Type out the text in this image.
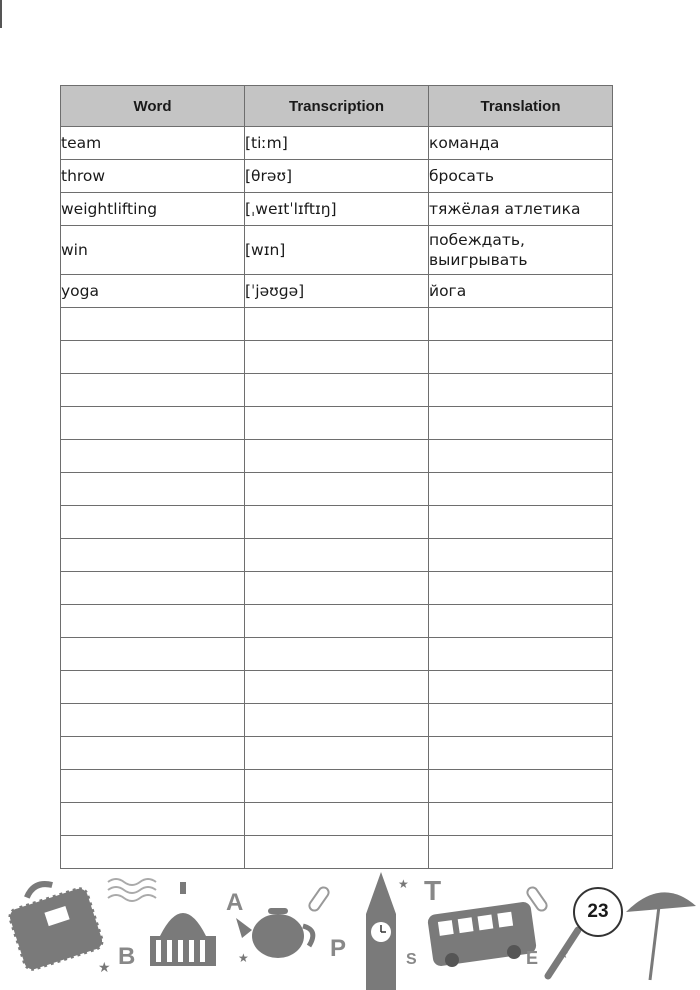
Word	Transcription	Translation
team	[tiːm]	команда
throw	[θrəʊ]	бросать
weightlifting	[ˌweɪtˈlɪftɪŋ]	тяжёлая атлетика
win	[wɪn]	побеждать, выигрывать
yoga	[ˈjəʊɡə]	йога

★
★
★
★
B
A
P	S
T
E
23
